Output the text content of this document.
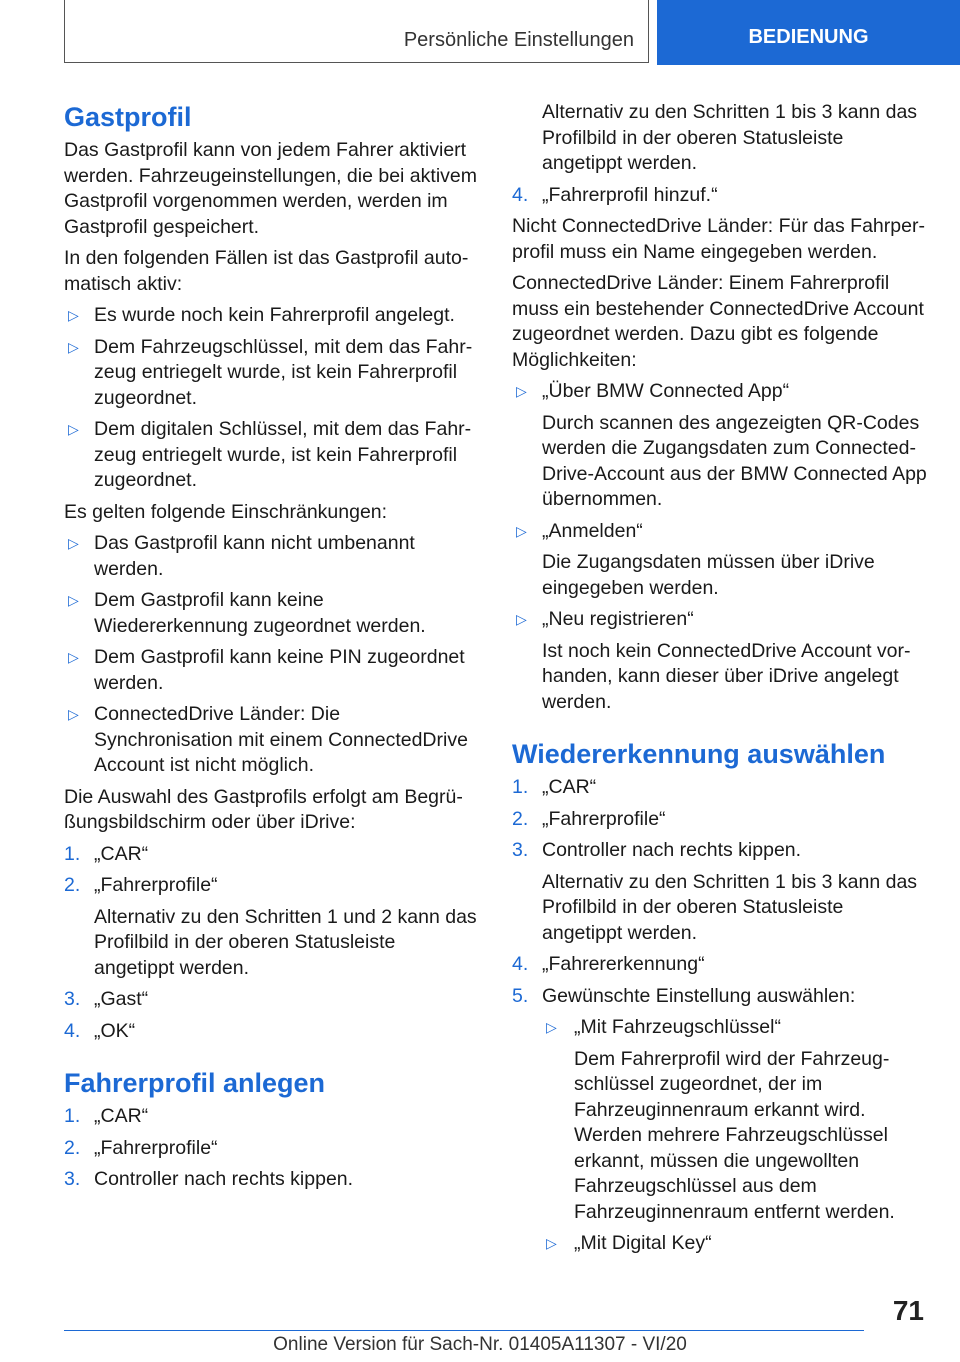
Persönliche Einstellungen	BEDIENUNG
Gastprofil

Das Gastprofil kann von jedem Fahrer aktiviert werden. Fahrzeugeinstellungen, die bei aktivem Gastprofil vorgenommen werden, werden im Gastprofil gespeichert.

In den folgenden Fällen ist das Gastprofil automatisch aktiv:

▷ Es wurde noch kein Fahrerprofil angelegt.
▷ Dem Fahrzeugschlüssel, mit dem das Fahrzeug entriegelt wurde, ist kein Fahrerprofil zugeordnet.
▷ Dem digitalen Schlüssel, mit dem das Fahrzeug entriegelt wurde, ist kein Fahrerprofil zugeordnet.

Es gelten folgende Einschränkungen:

▷ Das Gastprofil kann nicht umbenannt werden.
▷ Dem Gastprofil kann keine Wiedererkennung zugeordnet werden.
▷ Dem Gastprofil kann keine PIN zugeordnet werden.
▷ ConnectedDrive Länder: Die Synchronisation mit einem ConnectedDrive Account ist nicht möglich.

Die Auswahl des Gastprofils erfolgt am Begrüßungsbildschirm oder über iDrive:

1. „CAR“
2. „Fahrerprofile“
Alternativ zu den Schritten 1 und 2 kann das Profilbild in der oberen Statusleiste angetippt werden.
3. „Gast“
4. „OK“
Fahrerprofil anlegen
1. „CAR“
2. „Fahrerprofile“
3. Controller nach rechts kippen.
Alternativ zu den Schritten 1 bis 3 kann das Profilbild in der oberen Statusleiste angetippt werden.
4. „Fahrerprofil hinzuf.“

Nicht ConnectedDrive Länder: Für das Fahrperprofil muss ein Name eingegeben werden.

ConnectedDrive Länder: Einem Fahrerprofil muss ein bestehender ConnectedDrive Account zugeordnet werden. Dazu gibt es folgende Möglichkeiten:

▷ „Über BMW Connected App“
Durch scannen des angezeigten QR-Codes werden die Zugangsdaten zum ConnectedDrive-Account aus der BMW Connected App übernommen.
▷ „Anmelden“
Die Zugangsdaten müssen über iDrive eingegeben werden.
▷ „Neu registrieren“
Ist noch kein ConnectedDrive Account vorhanden, kann dieser über iDrive angelegt werden.
Wiedererkennung auswählen
1. „CAR“
2. „Fahrerprofile“
3. Controller nach rechts kippen.
Alternativ zu den Schritten 1 bis 3 kann das Profilbild in der oberen Statusleiste angetippt werden.
4. „Fahrererkennung“
5. Gewünschte Einstellung auswählen:
▷ „Mit Fahrzeugschlüssel“
Dem Fahrerprofil wird der Fahrzeugschlüssel zugeordnet, der im Fahrzeuginnenraum erkannt wird. Werden mehrere Fahrzeugschlüssel erkannt, müssen die ungewollten Fahrzeugschlüssel aus dem Fahrzeuginnenraum entfernt werden.
▷ „Mit Digital Key“
71
Online Version für Sach-Nr. 01405A11307 - VI/20
